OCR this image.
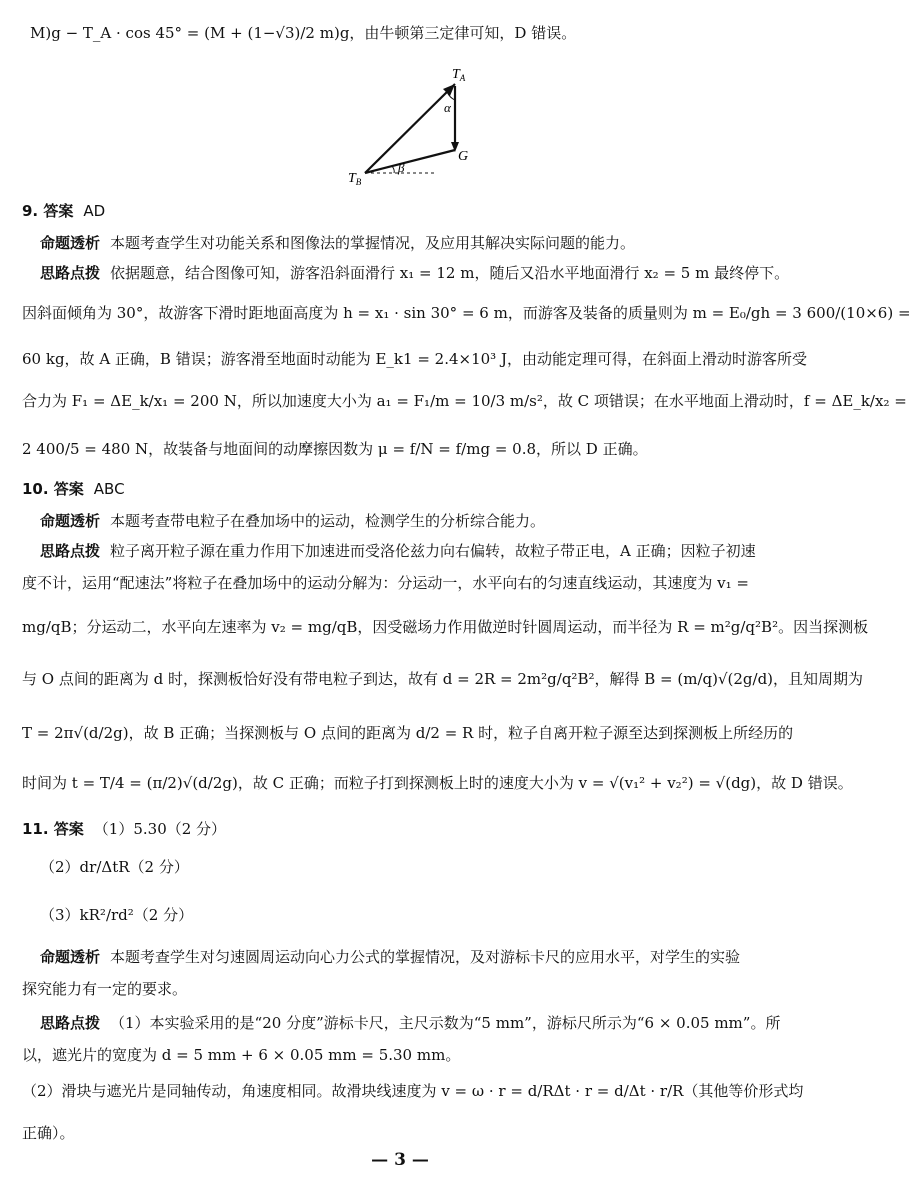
M)g − T_A · cos 45° = (M + (1−√3)/2 m)g，由牛顿第三定律可知，D 错误。
$T_A$
α
G
β
$T_B$
9. 答案 AD
命题透析 本题考查学生对功能关系和图像法的掌握情况，及应用其解决实际问题的能力。
思路点拨 依据题意，结合图像可知，游客沿斜面滑行 x₁ = 12 m，随后又沿水平地面滑行 x₂ = 5 m 最终停下。
因斜面倾角为 30°，故游客下滑时距地面高度为 h = x₁ · sin 30° = 6 m，而游客及装备的质量则为 m = E₀/gh = 3 600/(10×6) =
60 kg，故 A 正确，B 错误；游客滑至地面时动能为 E_k1 = 2.4×10³ J，由动能定理可得，在斜面上滑动时游客所受
合力为 F₁ = ΔE_k/x₁ = 200 N，所以加速度大小为 a₁ = F₁/m = 10/3 m/s²，故 C 项错误；在水平地面上滑动时，f = ΔE_k/x₂ =
2 400/5 = 480 N，故装备与地面间的动摩擦因数为 μ = f/N = f/mg = 0.8，所以 D 正确。
10. 答案 ABC
命题透析 本题考查带电粒子在叠加场中的运动，检测学生的分析综合能力。
思路点拨 粒子离开粒子源在重力作用下加速进而受洛伦兹力向右偏转，故粒子带正电，A 正确；因粒子初速
度不计，运用“配速法”将粒子在叠加场中的运动分解为：分运动一，水平向右的匀速直线运动，其速度为 v₁ =
mg/qB；分运动二，水平向左速率为 v₂ = mg/qB，因受磁场力作用做逆时针圆周运动，而半径为 R = m²g/q²B²。因当探测板
与 O 点间的距离为 d 时，探测板恰好没有带电粒子到达，故有 d = 2R = 2m²g/q²B²，解得 B = (m/q)√(2g/d)，且知周期为
T = 2π√(d/2g)，故 B 正确；当探测板与 O 点间的距离为 d/2 = R 时，粒子自离开粒子源至达到探测板上所经历的
时间为 t = T/4 = (π/2)√(d/2g)，故 C 正确；而粒子打到探测板上时的速度大小为 v = √(v₁² + v₂²) = √(dg)，故 D 错误。
11. 答案 （1）5.30（2 分）
（2）dr/ΔtR（2 分）
（3）kR²/rd²（2 分）
命题透析 本题考查学生对匀速圆周运动向心力公式的掌握情况，及对游标卡尺的应用水平，对学生的实验
探究能力有一定的要求。
思路点拨 （1）本实验采用的是“20 分度”游标卡尺，主尺示数为“5 mm”，游标尺所示为“6 × 0.05 mm”。所
以，遮光片的宽度为 d = 5 mm + 6 × 0.05 mm = 5.30 mm。
（2）滑块与遮光片是同轴传动，角速度相同。故滑块线速度为 v = ω · r = d/RΔt · r = d/Δt · r/R（其他等价形式均
正确）。
— 3 —
